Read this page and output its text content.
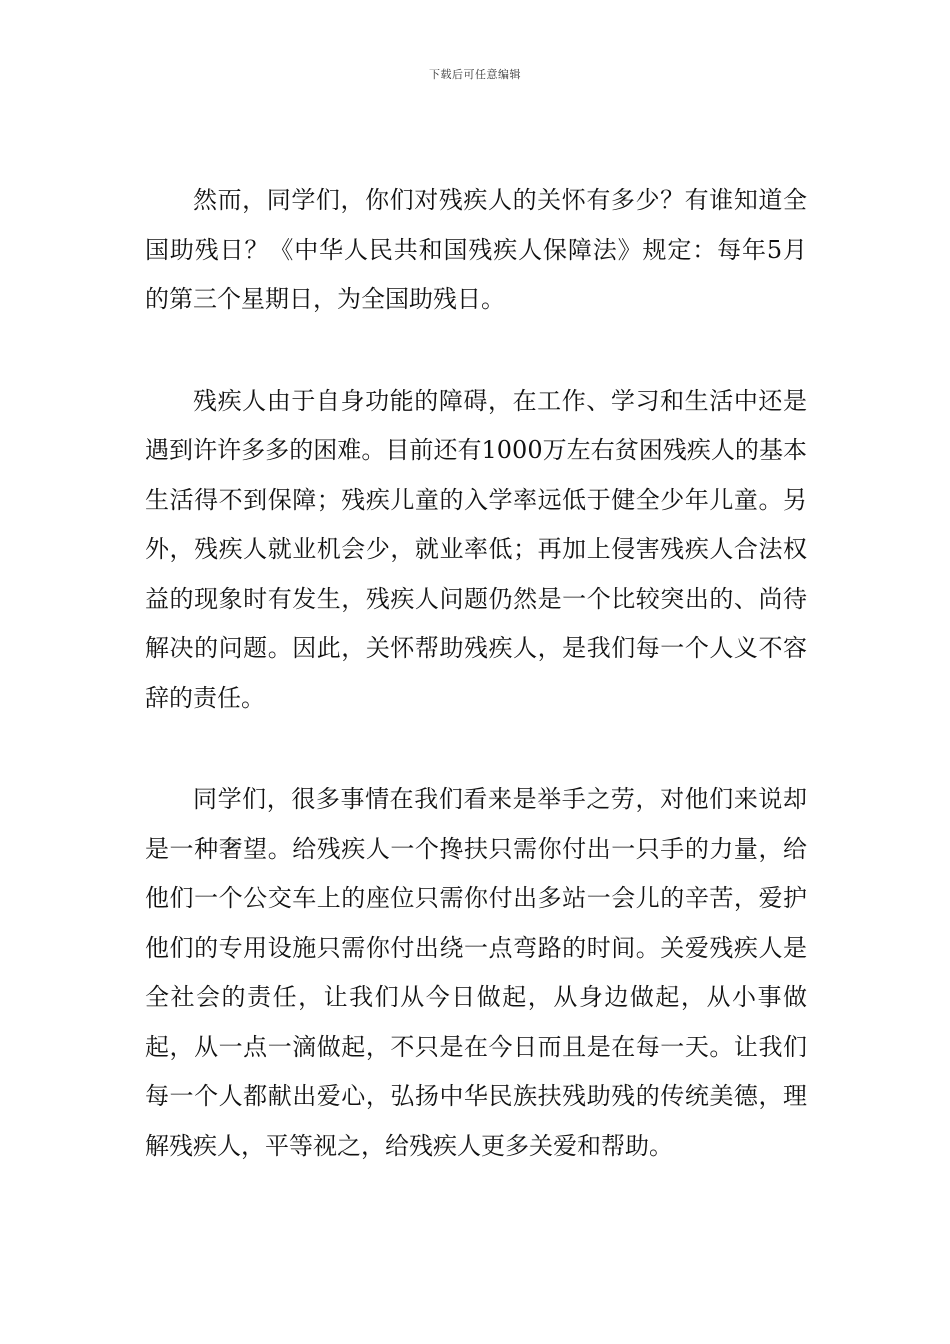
下载后可任意编辑

然而，同学们，你们对残疾人的关怀有多少？有谁知道全国助残日？《中华人民共和国残疾人保障法》规定：每年5月的第三个星期日，为全国助残日。

残疾人由于自身功能的障碍，在工作、学习和生活中还是遇到许许多多的困难。目前还有1000万左右贫困残疾人的基本生活得不到保障；残疾儿童的入学率远低于健全少年儿童。另外，残疾人就业机会少，就业率低；再加上侵害残疾人合法权益的现象时有发生，残疾人问题仍然是一个比较突出的、尚待解决的问题。因此，关怀帮助残疾人，是我们每一个人义不容辞的责任。

同学们，很多事情在我们看来是举手之劳，对他们来说却是一种奢望。给残疾人一个搀扶只需你付出一只手的力量，给他们一个公交车上的座位只需你付出多站一会儿的辛苦，爱护他们的专用设施只需你付出绕一点弯路的时间。关爱残疾人是全社会的责任，让我们从今日做起，从身边做起，从小事做起，从一点一滴做起，不只是在今日而且是在每一天。让我们每一个人都献出爱心，弘扬中华民族扶残助残的传统美德，理解残疾人，平等视之，给残疾人更多关爱和帮助。
